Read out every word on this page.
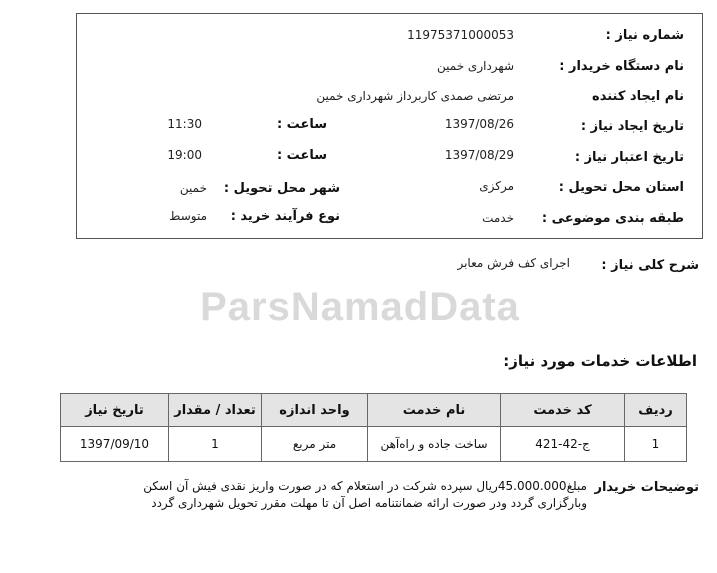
ParsNamadData
شماره نیاز :
11975371000053
نام دستگاه خریدار :
شهرداری خمین
نام ایجاد کننده
مرتضی صمدی کاربرداز شهرداری خمین
تاریخ ایجاد نیاز :
1397/08/26
ساعت :
11:30
تاریخ اعتبار نیاز :
1397/08/29
ساعت :
19:00
استان محل تحویل :
مرکزی
شهر محل تحویل :
خمین
طبقه بندی موضوعی :
خدمت
نوع فرآیند خرید :
متوسط
شرح کلی نیاز :
اجرای کف فرش معابر
اطلاعات خدمات مورد نیاز:
ردیف	کد خدمت	نام خدمت	واحد اندازه	تعداد / مقدار	تاریخ نیاز
1	ج-42-421	ساخت جاده و راه‌آهن	متر مربع	1	1397/09/10
توضیحات خریدار
مبلغ45.000.000ریال سپرده شرکت در استعلام که در صورت واریز نقدی فیش آن اسکن وبارگزاری گردد ودر صورت ارائه ضمانتنامه اصل آن تا مهلت مقرر تحویل شهرداری گردد
